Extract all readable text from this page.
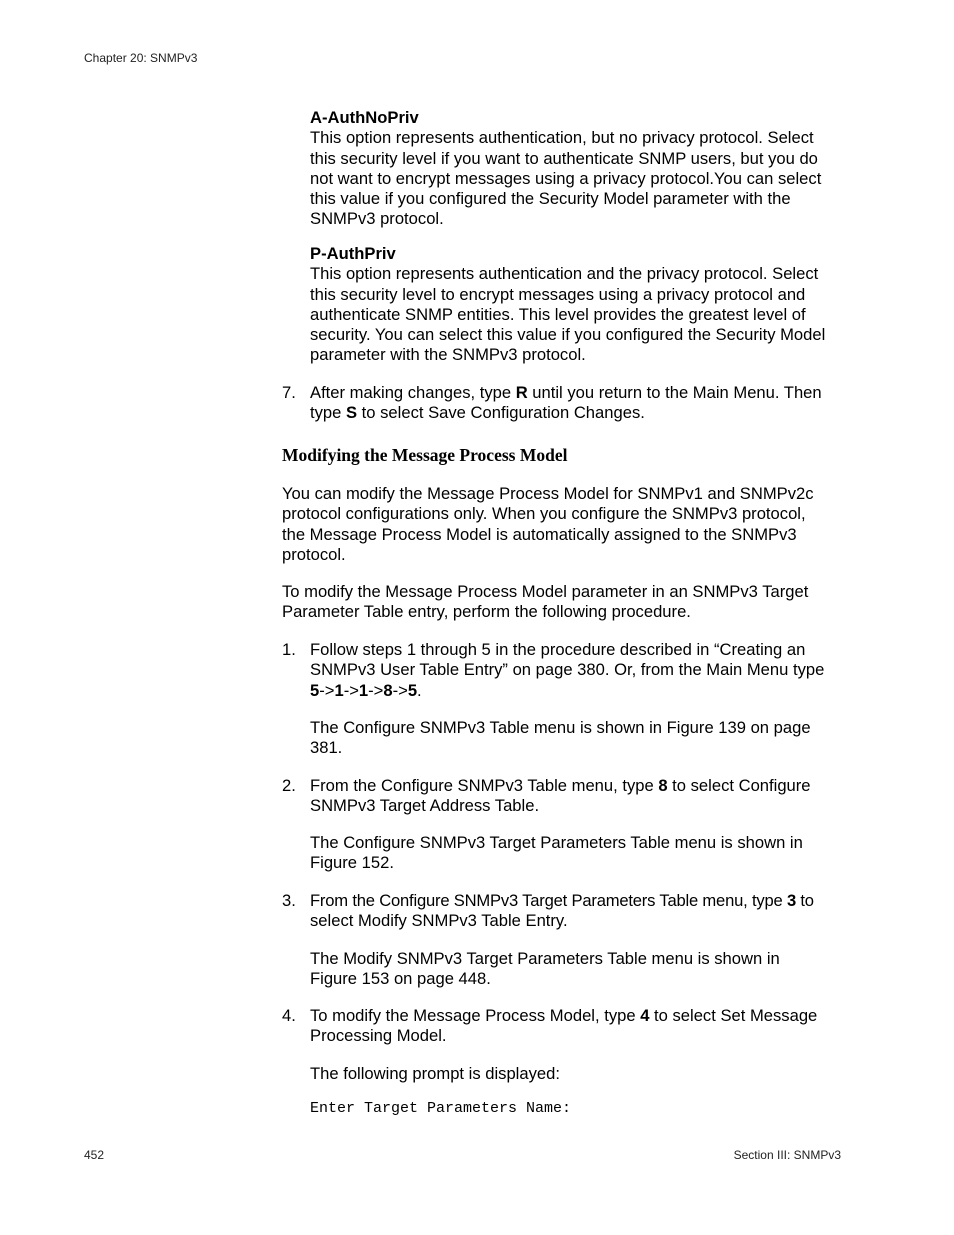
Chapter 20: SNMPv3
A-AuthNoPriv
This option represents authentication, but no privacy protocol. Select
this security level if you want to authenticate SNMP users, but you do
not want to encrypt messages using a privacy protocol.You can select
this value if you configured the Security Model parameter with the
SNMPv3 protocol.
P-AuthPriv
This option represents authentication and the privacy protocol. Select
this security level to encrypt messages using a privacy protocol and
authenticate SNMP entities. This level provides the greatest level of
security. You can select this value if you configured the Security Model
parameter with the SNMPv3 protocol.
7. After making changes, type R until you return to the Main Menu. Then
type S to select Save Configuration Changes.
Modifying the Message Process Model
You can modify the Message Process Model for SNMPv1 and SNMPv2c
protocol configurations only. When you configure the SNMPv3 protocol,
the Message Process Model is automatically assigned to the SNMPv3
protocol.
To modify the Message Process Model parameter in an SNMPv3 Target
Parameter Table entry, perform the following procedure.
1. Follow steps 1 through 5 in the procedure described in “Creating an
SNMPv3 User Table Entry” on page 380. Or, from the Main Menu type
5->1->1->8->5.
The Configure SNMPv3 Table menu is shown in Figure 139 on page
381.
2. From the Configure SNMPv3 Table menu, type 8 to select Configure
SNMPv3 Target Address Table.
The Configure SNMPv3 Target Parameters Table menu is shown in
Figure 152.
3. From the Configure SNMPv3 Target Parameters Table menu, type 3 to
select Modify SNMPv3 Table Entry.
The Modify SNMPv3 Target Parameters Table menu is shown in
Figure 153 on page 448.
4. To modify the Message Process Model, type 4 to select Set Message
Processing Model.
The following prompt is displayed:
Enter Target Parameters Name:
452	Section III: SNMPv3
